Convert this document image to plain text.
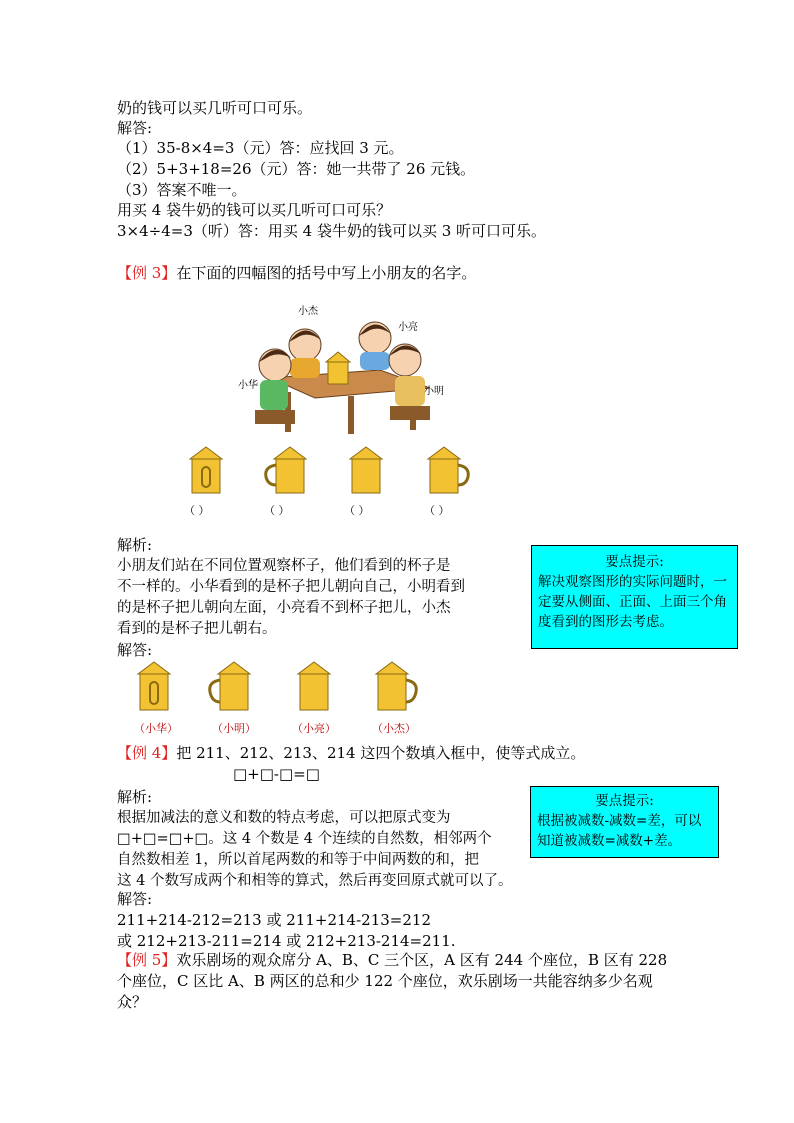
奶的钱可以买几听可口可乐。
解答:
（1）35-8×4=3（元）答：应找回 3 元。
（2）5+3+18=26（元）答：她一共带了 26 元钱。
（3）答案不唯一。
用买 4 袋牛奶的钱可以买几听可口可乐？
3×4÷4=3（听）答：用买 4 袋牛奶的钱可以买 3 听可口可乐。
【例 3】在下面的四幅图的括号中写上小朋友的名字。
小杰
小亮
小华
小明
（ ）	（ ）	（ ）	（ ）
解析:
小朋友们站在不同位置观察杯子，他们看到的杯子是
不一样的。小华看到的是杯子把儿朝向自己，小明看到
的是杯子把儿朝向左面，小亮看不到杯子把儿，小杰
看到的是杯子把儿朝右。
解答:
要点提示:
解决观察图形的实际问题时，一定要从侧面、正面、上面三个角度看到的图形去考虑。
（小华）	（小明）	（小亮）	（小杰）
【例 4】把 211、212、213、214 这四个数填入框中，使等式成立。
□+□-□=□
解析:
根据加减法的意义和数的特点考虑，可以把原式变为
□+□=□+□。这 4 个数是 4 个连续的自然数，相邻两个
自然数相差 1，所以首尾两数的和等于中间两数的和，把
这 4 个数写成两个和相等的算式，然后再变回原式就可以了。
解答:
211+214-212=213 或 211+214-213=212
或 212+213-211=214 或 212+213-214=211.
要点提示:
根据被减数-减数=差，可以知道被减数=减数+差。
【例 5】欢乐剧场的观众席分 A、B、C 三个区，A 区有 244 个座位，B 区有 228
个座位，C 区比 A、B 两区的总和少 122 个座位，欢乐剧场一共能容纳多少名观
众？
